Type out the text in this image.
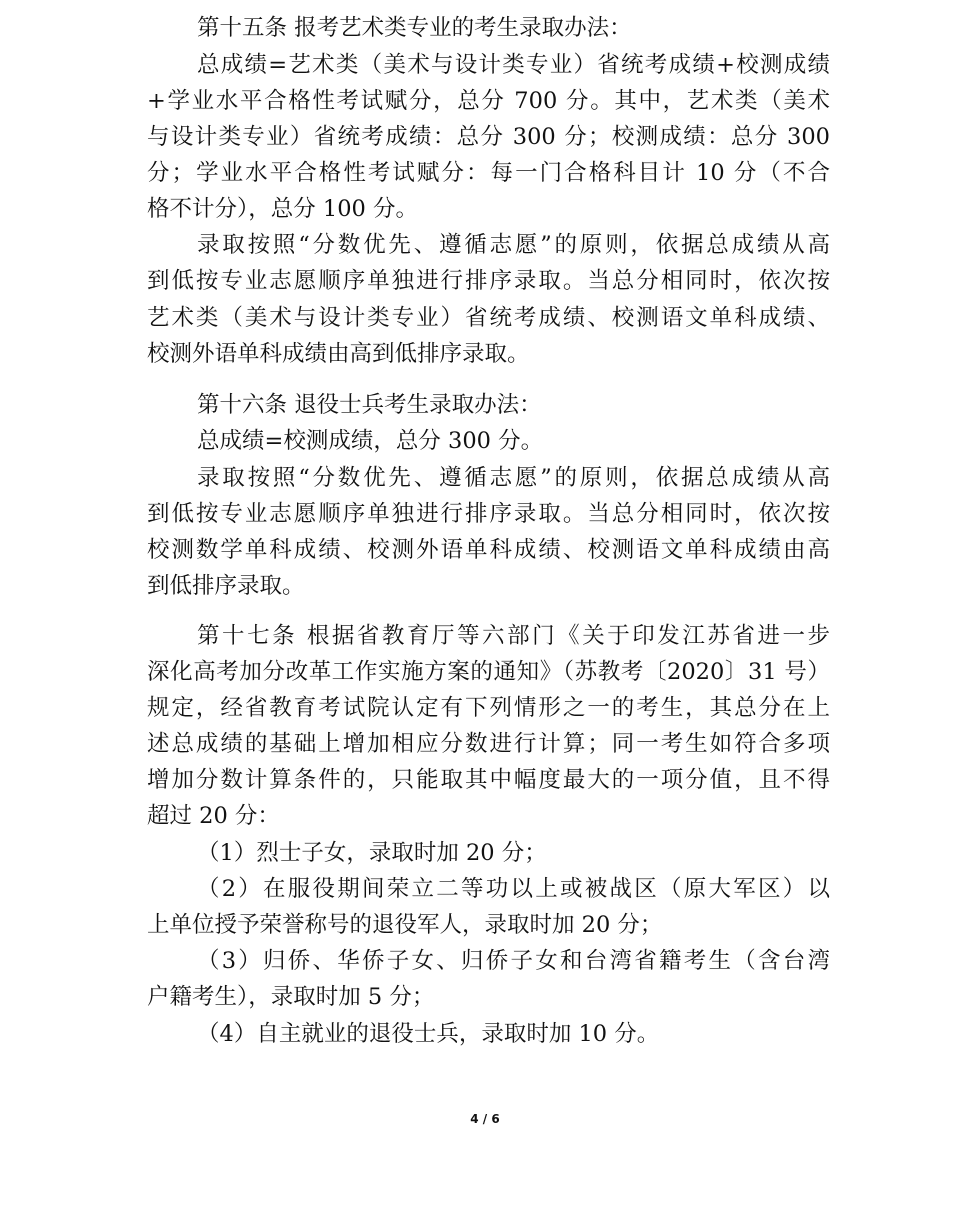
第十五条 报考艺术类专业的考生录取办法：
总成绩=艺术类（美术与设计类专业）省统考成绩+校测成绩
+学业水平合格性考试赋分，总分 700 分。其中，艺术类（美术
与设计类专业）省统考成绩：总分 300 分；校测成绩：总分 300
分；学业水平合格性考试赋分：每一门合格科目计 10 分（不合
格不计分），总分 100 分。
录取按照“分数优先、遵循志愿”的原则，依据总成绩从高
到低按专业志愿顺序单独进行排序录取。当总分相同时，依次按
艺术类（美术与设计类专业）省统考成绩、校测语文单科成绩、
校测外语单科成绩由高到低排序录取。
第十六条 退役士兵考生录取办法：
总成绩=校测成绩，总分 300 分。
录取按照“分数优先、遵循志愿”的原则，依据总成绩从高
到低按专业志愿顺序单独进行排序录取。当总分相同时，依次按
校测数学单科成绩、校测外语单科成绩、校测语文单科成绩由高
到低排序录取。
第十七条 根据省教育厅等六部门《关于印发江苏省进一步
深化高考加分改革工作实施方案的通知》（苏教考〔2020〕31 号）
规定，经省教育考试院认定有下列情形之一的考生，其总分在上
述总成绩的基础上增加相应分数进行计算；同一考生如符合多项
增加分数计算条件的，只能取其中幅度最大的一项分值，且不得
超过 20 分：
（1）烈士子女，录取时加 20 分；
（2）在服役期间荣立二等功以上或被战区（原大军区）以
上单位授予荣誉称号的退役军人，录取时加 20 分；
（3）归侨、华侨子女、归侨子女和台湾省籍考生（含台湾
户籍考生），录取时加 5 分；
（4）自主就业的退役士兵，录取时加 10 分。
4 / 6
